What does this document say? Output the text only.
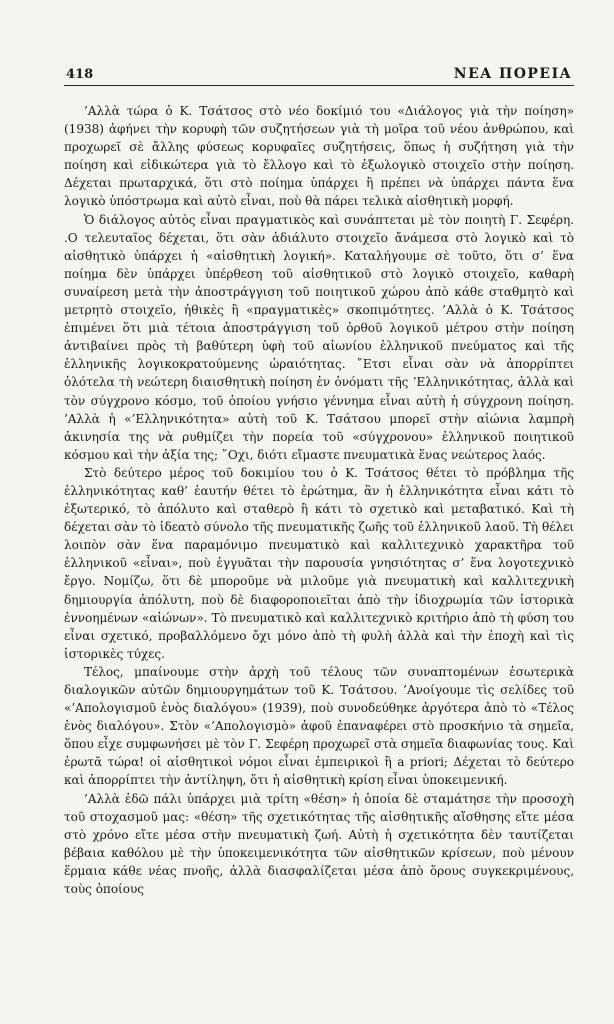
418	ΝΕΑ ΠΟΡΕΙΑ

’Αλλὰ τώρα ὁ Κ. Τσάτσος στὸ νέο δοκίμιό του «Διάλογος γιὰ τὴν ποίηση» (1938) ἀφήνει τὴν κορυφὴ τῶν συζητήσεων γιὰ τὴ μοῖρα τοῦ νέου ἀνθρώπου, καὶ προχωρεῖ σὲ ἄλλης φύσεως κορυφαῖες συζητήσεις, ὅπως ἡ συζήτηση γιὰ τὴν ποίηση καὶ εἰδικώτερα γιὰ τὸ ἔλλογο καὶ τὸ ἐξωλογικὸ στοιχεῖο στὴν ποίηση. Δέχεται πρωταρχικά, ὅτι στὸ ποίημα ὑπάρχει ἢ πρέπει νὰ ὑπάρχει πάντα ἕνα λογικὸ ὑπόστρωμα καὶ αὐτὸ εἶναι, ποὺ θὰ πάρει τελικὰ αἰσθητικὴ μορφή.

Ὁ διάλογος αὐτὸς εἶναι πραγματικὸς καὶ συνάπτεται μὲ τὸν ποιητὴ Γ. Σεφέρη. .Ο τελευταῖος δέχεται, ὅτι σὰν ἀδιάλυτο στοιχεῖο ἄνάμεσα στὸ λογικὸ καὶ τὸ αἰσθητικὸ ὑπάρχει ἡ «αἰσθητικὴ λογική». Καταλήγουμε σὲ τοῦτο, ὅτι σ’ ἕνα ποίημα δὲν ὑπάρχει ὑπέρθεση τοῦ αἰσθητικοῦ στὸ λογικὸ στοιχεῖο, καθαρὴ συναίρεση μετὰ τὴν ἀποστράγγιση τοῦ ποιητικοῦ χώρου ἀπὸ κάθε σταθμητὸ καὶ μετρητὸ στοιχεῖο, ἠθικὲς ἢ «πραγματικὲς» σκοπιμότητες. ’Αλλὰ ὁ Κ. Τσάτσος ἐπιμένει ὅτι μιὰ τέτοια ἀποστράγγιση τοῦ ὀρθοῦ λογικοῦ μέτρου στὴν ποίηση ἀντιβαίνει πρὸς τὴ βαθύτερη ὑφὴ τοῦ αἰωνίου ἑλληνικοῦ πνεύματος καὶ τῆς ἑλληνικῆς λογικοκρατούμενης ὡραιότητας. ῎Ετσι εἶναι σὰν νὰ ἀπορρίπτει ὁλότελα τὴ νεώτερη διαισθητικὴ ποίηση ἐν ὀνόματι τῆς ’Ελληνικότητας, ἀλλὰ καὶ τὸν σύγχρονο κόσμο, τοῦ ὁποίου γνήσιο γέννημα εἶναι αὐτὴ ἡ σύγχρονη ποίηση. ’Αλλὰ ἡ «’Ελληνικότητα» αὐτὴ τοῦ Κ. Τσάτσου μπορεῖ στὴν αἰώνια λαμπρὴ ἀκινησία της νὰ ρυθμίζει τὴν πορεία τοῦ «σύγχρονου» ἑλληνικοῦ ποιητικοῦ κόσμου καὶ τὴν ἀξία της; ῎Οχι, διότι εἴμαστε πνευματικὰ ἕνας νεώτερος λαός.

Στὸ δεύτερο μέρος τοῦ δοκιμίου του ὁ Κ. Τσάτσος θέτει τὸ πρόβλημα τῆς ἑλληνικότητας καθ’ ἑαυτήν θέτει τὸ ἐρώτημα, ἂν ἡ ἑλληνικότητα εἶναι κάτι τὸ ἐξωτερικό, τὸ ἀπόλυτο καὶ σταθερὸ ἢ κάτι τὸ σχετικὸ καὶ μεταβατικό. Καὶ τὴ δέχεται σὰν τὸ ἰδεατὸ σύνολο τῆς πνευματικῆς ζωῆς τοῦ ἑλληνικοῦ λαοῦ. Τὴ θέλει λοιπὸν σὰν ἕνα παραμόνιμο πνευματικὸ καὶ καλλιτεχνικὸ χαρακτῆρα τοῦ ἑλληνικοῦ «εἶναι», ποὺ ἐγγυᾶται τὴν παρουσία γνησιότητας σ’ ἕνα λογοτεχνικὸ ἔργο. Νομίζω, ὅτι δὲ μποροῦμε νὰ μιλοῦμε γιὰ πνευματικὴ καὶ καλλιτεχνικὴ δημιουργία ἀπόλυτη, ποὺ δὲ διαφοροποιεῖται ἀπὸ τὴν ἰδιοχρωμία τῶν ἱστορικὰ ἐννοημένων «αἰώνων». Τὸ πνευματικὸ καὶ καλλιτεχνικὸ κριτήριο ἀπὸ τὴ φύση του εἶναι σχετικό, προβαλλόμενο ὄχι μόνο ἀπὸ τὴ φυλὴ ἀλλὰ καὶ τὴν ἐποχὴ καὶ τὶς ἱστορικὲς τύχες.

Τέλος, μπαίνουμε στὴν ἀρχὴ τοῦ τέλους τῶν συναπτομένων ἐσωτερικὰ διαλογικῶν αὐτῶν δημιουργημάτων τοῦ Κ. Τσάτσου. ’Ανοίγουμε τὶς σελίδες τοῦ «’Απολογισμοῦ ἑνὸς διαλόγου» (1939), ποὺ συνοδεύθηκε ἀργότερα ἀπὸ τὸ «Τέλος ἑνὸς διαλόγου». Στὸν «’Απολογισμὸ» ἀφοῦ ἐπαναφέρει στὸ προσκήνιο τὰ σημεῖα, ὅπου εἶχε συμφωνήσει μὲ τὸν Γ. Σεφέρη προχωρεῖ στὰ σημεῖα διαφωνίας τους. Καὶ ἐρωτᾶ τώρα! οἱ αἰσθητικοὶ νόμοι εἶναι ἐμπειρικοὶ ἢ a priori; Δέχεται τὸ δεύτερο καὶ ἀπορρίπτει τὴν ἀντίληψη, ὅτι ἡ αἰσθητικὴ κρίση εἶναι ὑποκειμενική.

’Αλλὰ ἐδῶ πάλι ὑπάρχει μιὰ τρίτη «θέση» ἡ ὁποία δὲ σταμάτησε τὴν προσοχὴ τοῦ στοχασμοῦ μας: «θέση» τῆς σχετικότητας τῆς αἰσθητικῆς αἴσθησης εἴτε μέσα στὸ χρόνο εἴτε μέσα στὴν πνευματικὴ ζωή. Αὐτὴ ἡ σχετικότητα δὲν ταυτίζεται βέβαια καθόλου μὲ τὴν ὑποκειμενικότητα τῶν αἰσθητικῶν κρίσεων, ποὺ μένουν ἕρμαια κάθε νέας πνοῆς, ἀλλὰ διασφαλίζεται μέσα ἀπὸ ὅρους συγκεκριμένους, τοὺς ὁποίους
